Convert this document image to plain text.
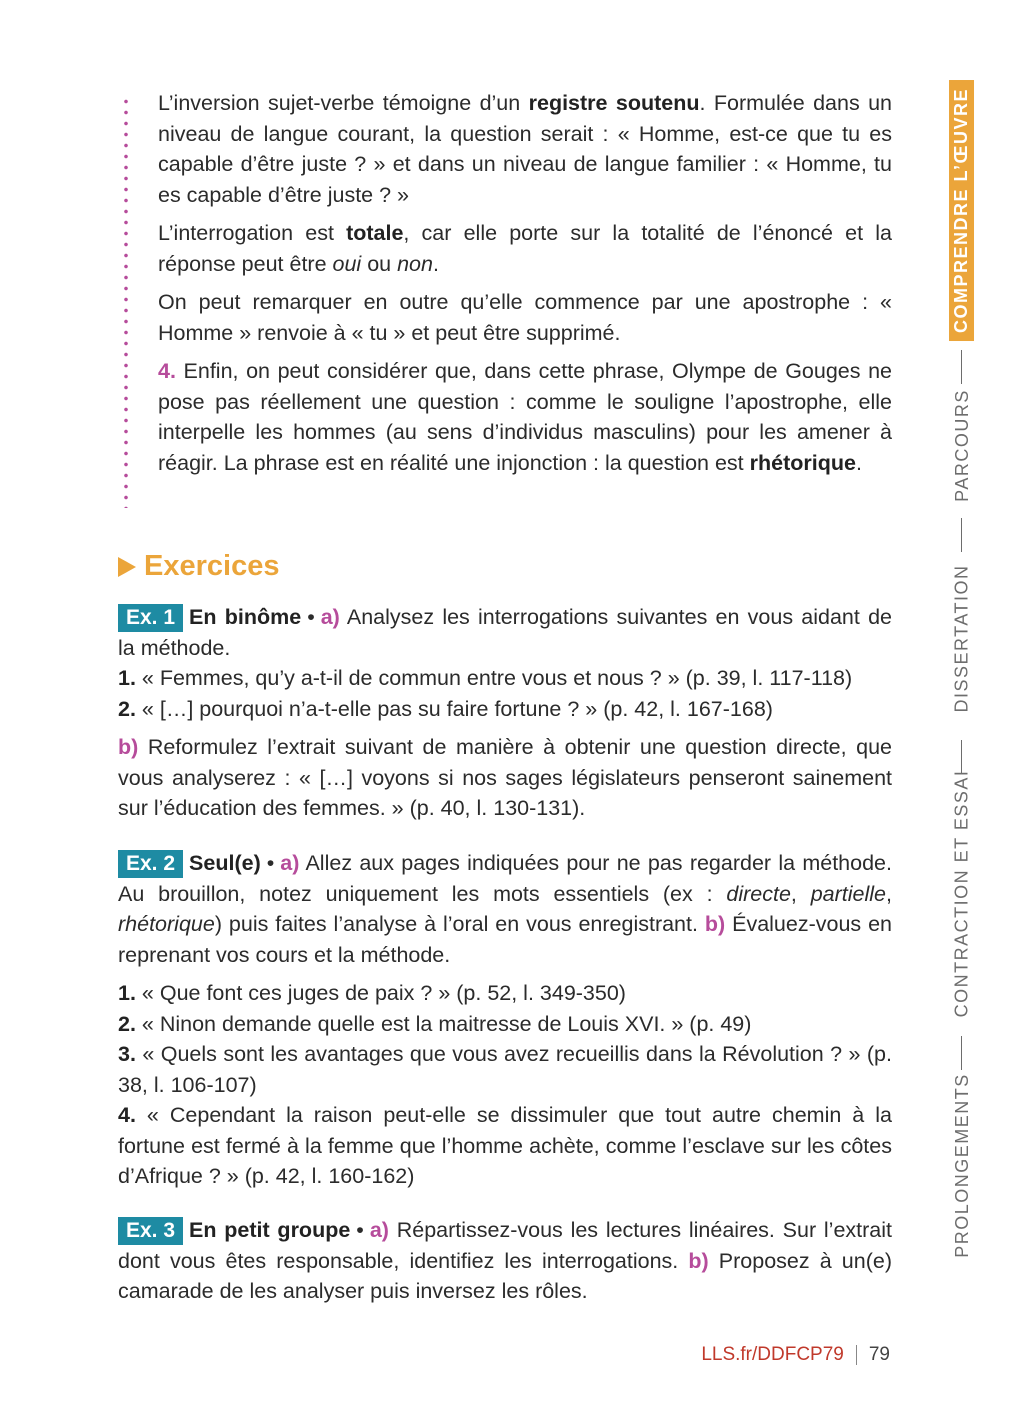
L’inversion sujet-verbe témoigne d’un registre soutenu. Formulée dans un niveau de langue courant, la question serait : « Homme, est-ce que tu es capable d’être juste ? » et dans un niveau de langue familier : « Homme, tu es capable d’être juste ? »

L’interrogation est totale, car elle porte sur la totalité de l’énoncé et la réponse peut être oui ou non.

On peut remarquer en outre qu’elle commence par une apostrophe : « Homme » renvoie à « tu » et peut être supprimé.

4. Enfin, on peut considérer que, dans cette phrase, Olympe de Gouges ne pose pas réellement une question : comme le souligne l’apostrophe, elle interpelle les hommes (au sens d’individus masculins) pour les amener à réagir. La phrase est en réalité une injonction : la question est rhétorique.

Exercices

Ex. 1 En binôme • a) Analysez les interrogations suivantes en vous aidant de la méthode.

1. « Femmes, qu’y a-t-il de commun entre vous et nous ? » (p. 39, l. 117-118)

2. « […] pourquoi n’a-t-elle pas su faire fortune ? » (p. 42, l. 167-168)

b) Reformulez l’extrait suivant de manière à obtenir une question directe, que vous analyserez : « […] voyons si nos sages législateurs penseront sainement sur l’éducation des femmes. » (p. 40, l. 130-131).

Ex. 2 Seul(e) • a) Allez aux pages indiquées pour ne pas regarder la méthode. Au brouillon, notez uniquement les mots essentiels (ex : directe, partielle, rhétorique) puis faites l’analyse à l’oral en vous enregistrant. b) Évaluez-vous en reprenant vos cours et la méthode.

1. « Que font ces juges de paix ? » (p. 52, l. 349-350)

2. « Ninon demande quelle est la maitresse de Louis XVI. » (p. 49)

3. « Quels sont les avantages que vous avez recueillis dans la Révolution ? » (p. 38, l. 106-107)

4. « Cependant la raison peut-elle se dissimuler que tout autre chemin à la fortune est fermé à la femme que l’homme achète, comme l’esclave sur les côtes d’Afrique ? » (p. 42, l. 160-162)

Ex. 3 En petit groupe • a) Répartissez-vous les lectures linéaires. Sur l’extrait dont vous êtes responsable, identifiez les interrogations. b) Proposez à un(e) camarade de les analyser puis inversez les rôles.

COMPRENDRE L’ŒUVRE
PARCOURS
DISSERTATION
CONTRACTION ET ESSAI
PROLONGEMENTS
LLS.fr/DDFCP79 79
